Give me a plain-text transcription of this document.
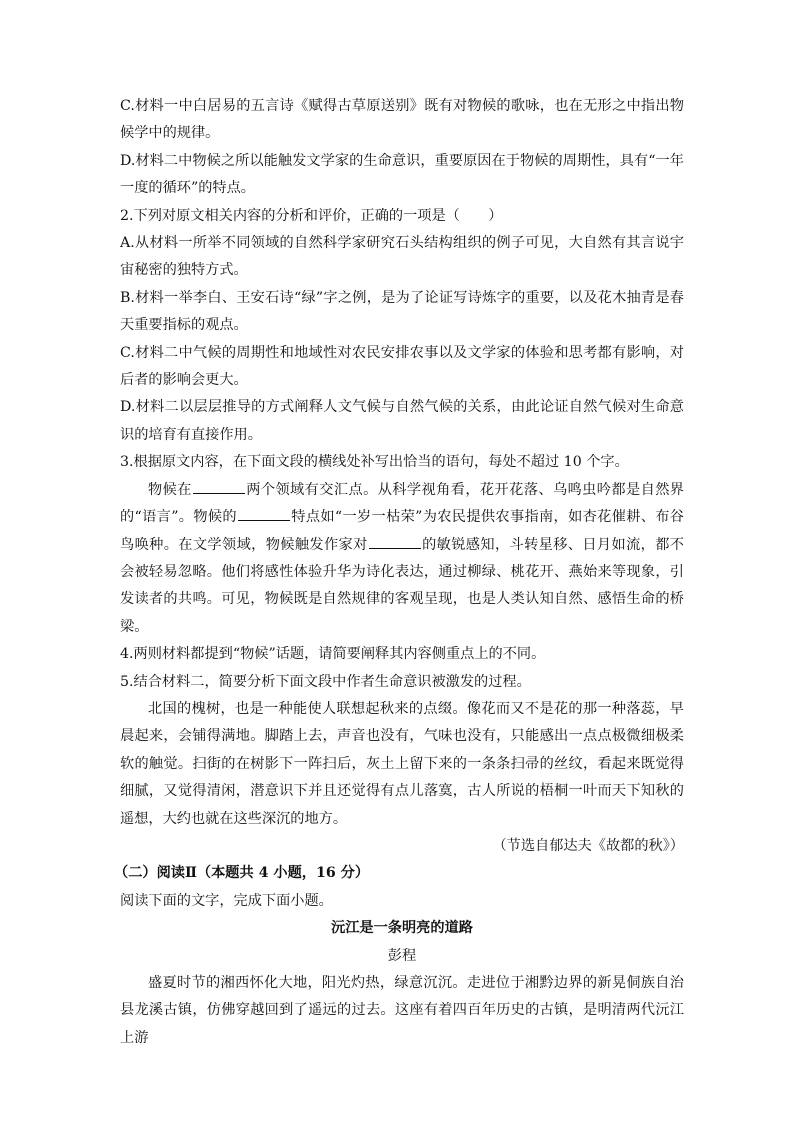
C.材料一中白居易的五言诗《赋得古草原送别》既有对物候的歌咏，也在无形之中指出物候学中的规律。

D.材料二中物候之所以能触发文学家的生命意识，重要原因在于物候的周期性，具有“一年一度的循环”的特点。

2.下列对原文相关内容的分析和评价，正确的一项是（　　）

A.从材料一所举不同领域的自然科学家研究石头结构组织的例子可见，大自然有其言说宇宙秘密的独特方式。

B.材料一举李白、王安石诗“绿”字之例，是为了论证写诗炼字的重要，以及花木抽青是春天重要指标的观点。

C.材料二中气候的周期性和地域性对农民安排农事以及文学家的体验和思考都有影响，对后者的影响会更大。

D.材料二以层层推导的方式阐释人文气候与自然气候的关系，由此论证自然气候对生命意识的培育有直接作用。

3.根据原文内容，在下面文段的横线处补写出恰当的语句，每处不超过 10 个字。

物候在	两个领域有交汇点。从科学视角看，花开花落、乌鸣虫吟都是自然界的“语言”。物候的	特点如“一岁一枯荣”为农民提供农事指南，如杏花催耕、布谷鸟唤种。在文学领域，物候触发作家对	的敏锐感知，斗转星移、日月如流，都不会被轻易忽略。他们将感性体验升华为诗化表达，通过柳绿、桃花开、燕始来等现象，引发读者的共鸣。可见，物候既是自然规律的客观呈现，也是人类认知自然、感悟生命的桥梁。

4.两则材料都提到“物候”话题，请简要阐释其内容侧重点上的不同。

5.结合材料二，简要分析下面文段中作者生命意识被激发的过程。

北国的槐树，也是一种能使人联想起秋来的点缀。像花而又不是花的那一种落蕊，早晨起来，会铺得满地。脚踏上去，声音也没有，气味也没有，只能感出一点点极微细极柔软的触觉。扫街的在树影下一阵扫后，灰土上留下来的一条条扫帚的丝纹，看起来既觉得细腻，又觉得清闲，潜意识下并且还觉得有点儿落寞，古人所说的梧桐一叶而天下知秋的遥想，大约也就在这些深沉的地方。

（节选自郁达夫《故都的秋》）

（二）阅读Ⅱ（本题共 4 小题，16 分）

阅读下面的文字，完成下面小题。

沅江是一条明亮的道路

彭程

盛夏时节的湘西怀化大地，阳光灼热，绿意沉沉。走进位于湘黔边界的新晃侗族自治县龙溪古镇，仿佛穿越回到了遥远的过去。这座有着四百年历史的古镇，是明清两代沅江上游
